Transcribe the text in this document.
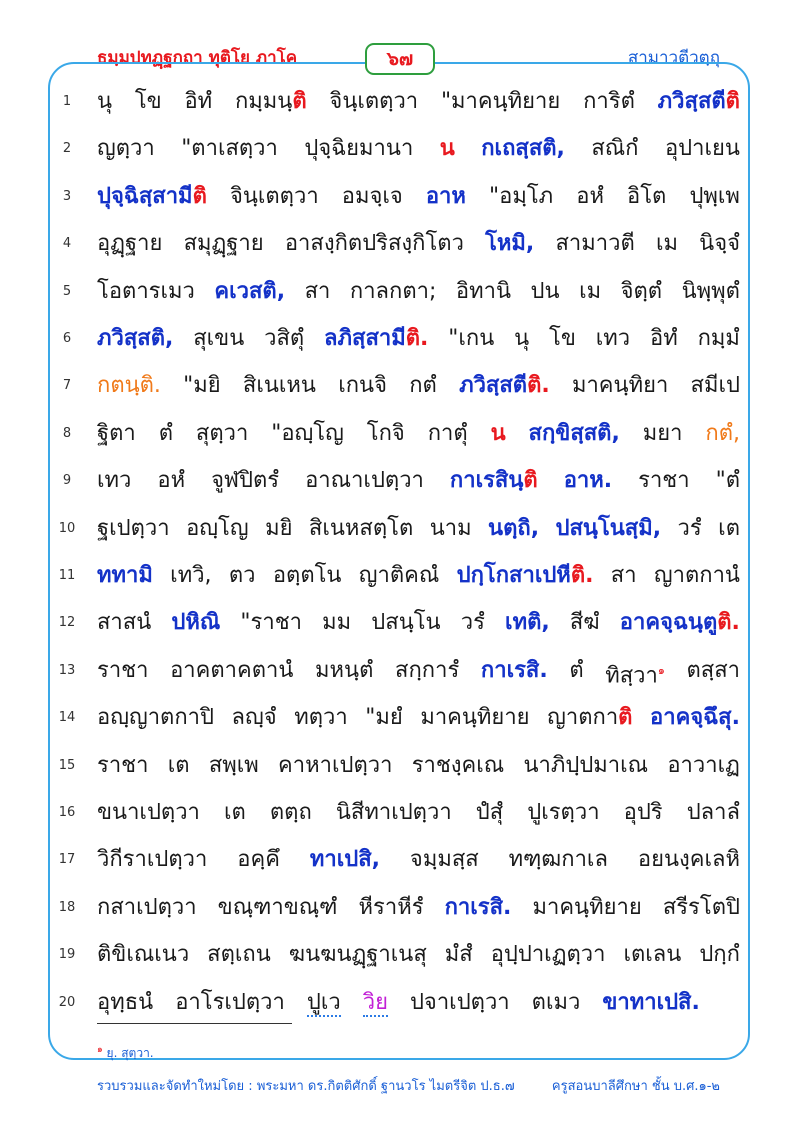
ธมฺมปทฏฺฐกถา ทุติโย ภาโค	๖๗	สามาวตีวตฺถุ
1	นุ โข อิทํ กมฺมนฺติ จินฺเตตฺวา "มาคนฺทิยาย การิตํ ภวิสฺสตีติ
2	ญตฺวา "ตาเสตฺวา ปุจฺฉิยมานา น กเถสฺสติ, สณิกํ อุปาเยน
3	ปุจฺฉิสฺสามีติ จินฺเตตฺวา อมจฺเจ อาห "อมฺโภ อหํ อิโต ปุพฺเพ
4	อุฏฺฐาย สมุฏฺฐาย อาสงฺกิตปริสงฺกิโตว โหมิ, สามาวตี เม นิจฺจํ
5	โอตารเมว คเวสติ, สา กาลกตา; อิทานิ ปน เม จิตฺตํ นิพฺพุตํ
6	ภวิสฺสติ, สุเขน วสิตุํ ลภิสฺสามีติ. "เกน นุ โข เทว อิทํ กมฺมํ
7	กตนฺติ. "มยิ สิเนเหน เกนจิ กตํ ภวิสฺสตีติ. มาคนฺทิยา สมีเป
8	ฐิตา ตํ สุตฺวา "อญฺโญ โกจิ กาตุํ น สกฺขิสฺสติ, มยา กตํ,
9	เทว อหํ จูฬปิตรํ อาณาเปตฺวา กาเรสินฺติ อาห. ราชา "ตํ
10 ฐเปตฺวา อญฺโญ มยิ สิเนหสตฺโต นาม นตฺถิ, ปสนฺโนสฺมิ, วรํ เต
11 ททามิ เทวิ, ตว อตฺตโน ญาติคณํ ปกฺโกสาเปหีติ. สา ญาตกานํ
12 สาสนํ ปหิณิ "ราชา มม ปสนฺโน วรํ เทติ, สีฆํ อาคจฺฉนฺตูติ.
13 ราชา อาคตาคตานํ มหนฺตํ สกฺการํ กาเรสิ. ตํ ทิสฺวา$^๑$ ตสฺสา
14 อญฺญาตกาปิ ลญฺจํ ทตฺวา "มยํ มาคนฺทิยาย ญาตกาติ อาคจฺฉึสุ.
15 ราชา เต สพฺเพ คาหาเปตฺวา ราชงฺคเณ นาภิปฺปมาเณ อาวาเฏ
16 ขนาเปตฺวา เต ตตฺถ นิสีทาเปตฺวา ปํสุํ ปูเรตฺวา อุปริ ปลาลํ
17 วิกีราเปตฺวา อคฺคึ ทาเปสิ, จมฺมสฺส ทฑฺฒกาเล อยนงฺคเลหิ
18 กสาเปตฺวา ขณฺฑาขณฺฑํ หีราหีรํ กาเรสิ. มาคนฺทิยาย สรีรโตปิ
19 ติขิเณเนว สตฺเถน ฆนฆนฏฺฐาเนสุ มํสํ อุปฺปาเฏตฺวา เตเลน ปกฺกํ
20 อุทฺธนํ อาโรเปตฺวา ปูเว วิย ปจาเปตฺวา ตเมว ขาทาเปสิ.
$^๑$ ยุ. สุตฺวา.
รวบรวมและจัดทำใหม่โดย : พระมหา ดร.กิตติศักดิ์ ฐานวโร ไมตรีจิต ป.ธ.๗	ครูสอนบาลีศึกษา ชั้น บ.ศ.๑-๒
